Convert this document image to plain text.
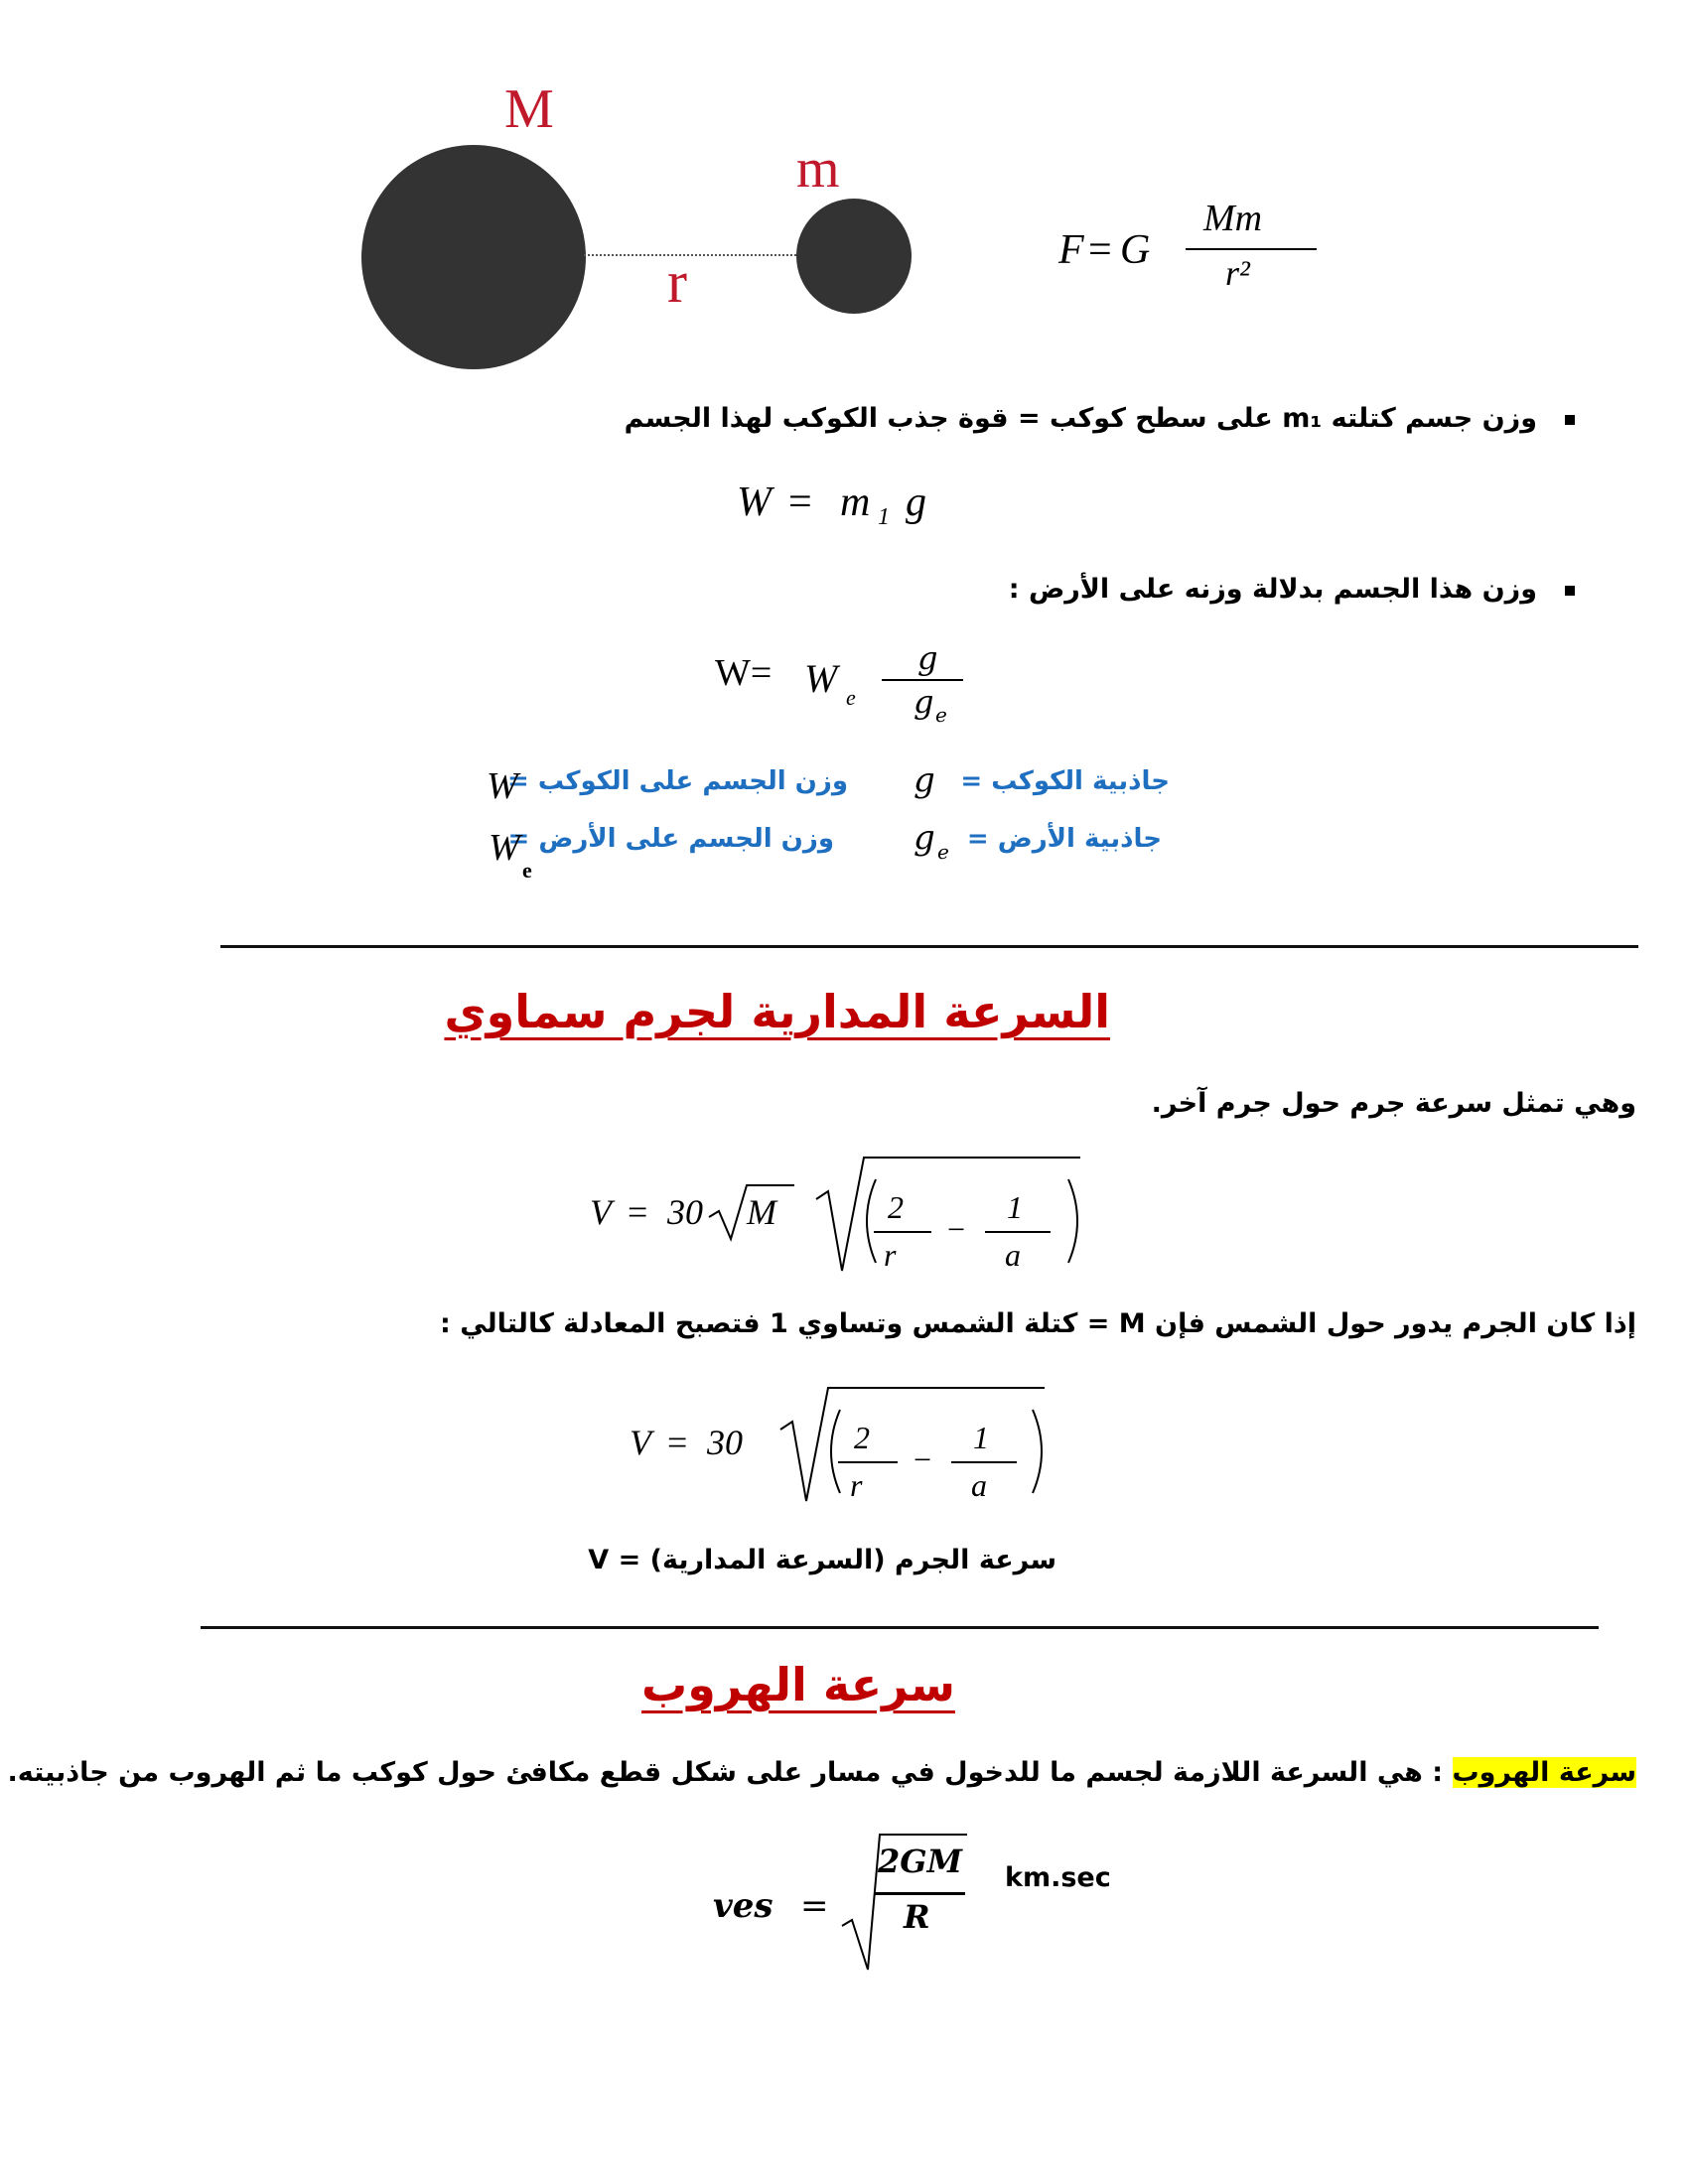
M
r
m
F = G
Mm
r²
وزن جسم كتلته m₁ على سطح كوكب = قوة جذب الكوكب لهذا الجسم
W = m 1 g
وزن هذا الجسم بدلالة وزنه على الأرض :
W= W e
g
g e
جاذبية الكوكب =
g
وزن الجسم على الكوكب =
W
جاذبية الأرض =
g e
وزن الجسم على الأرض =
W
e
السرعة المدارية لجرم سماوي
وهي تمثل سرعة جرم حول جرم آخر.
V = 30 M	2
r
−
1
a
إذا كان الجرم يدور حول الشمس فإن M = كتلة الشمس وتساوي 1 فتصبح المعادلة كالتالي :
V = 30	2
r
−
1
a
سرعة الجرم (السرعة المدارية) = V
سرعة الهروب
سرعة الهروب : هي السرعة اللازمة لجسم ما للدخول في مسار على شكل قطع مكافئ حول كوكب ما ثم الهروب من جاذبيته.
ves =
2GM
R
km.sec
